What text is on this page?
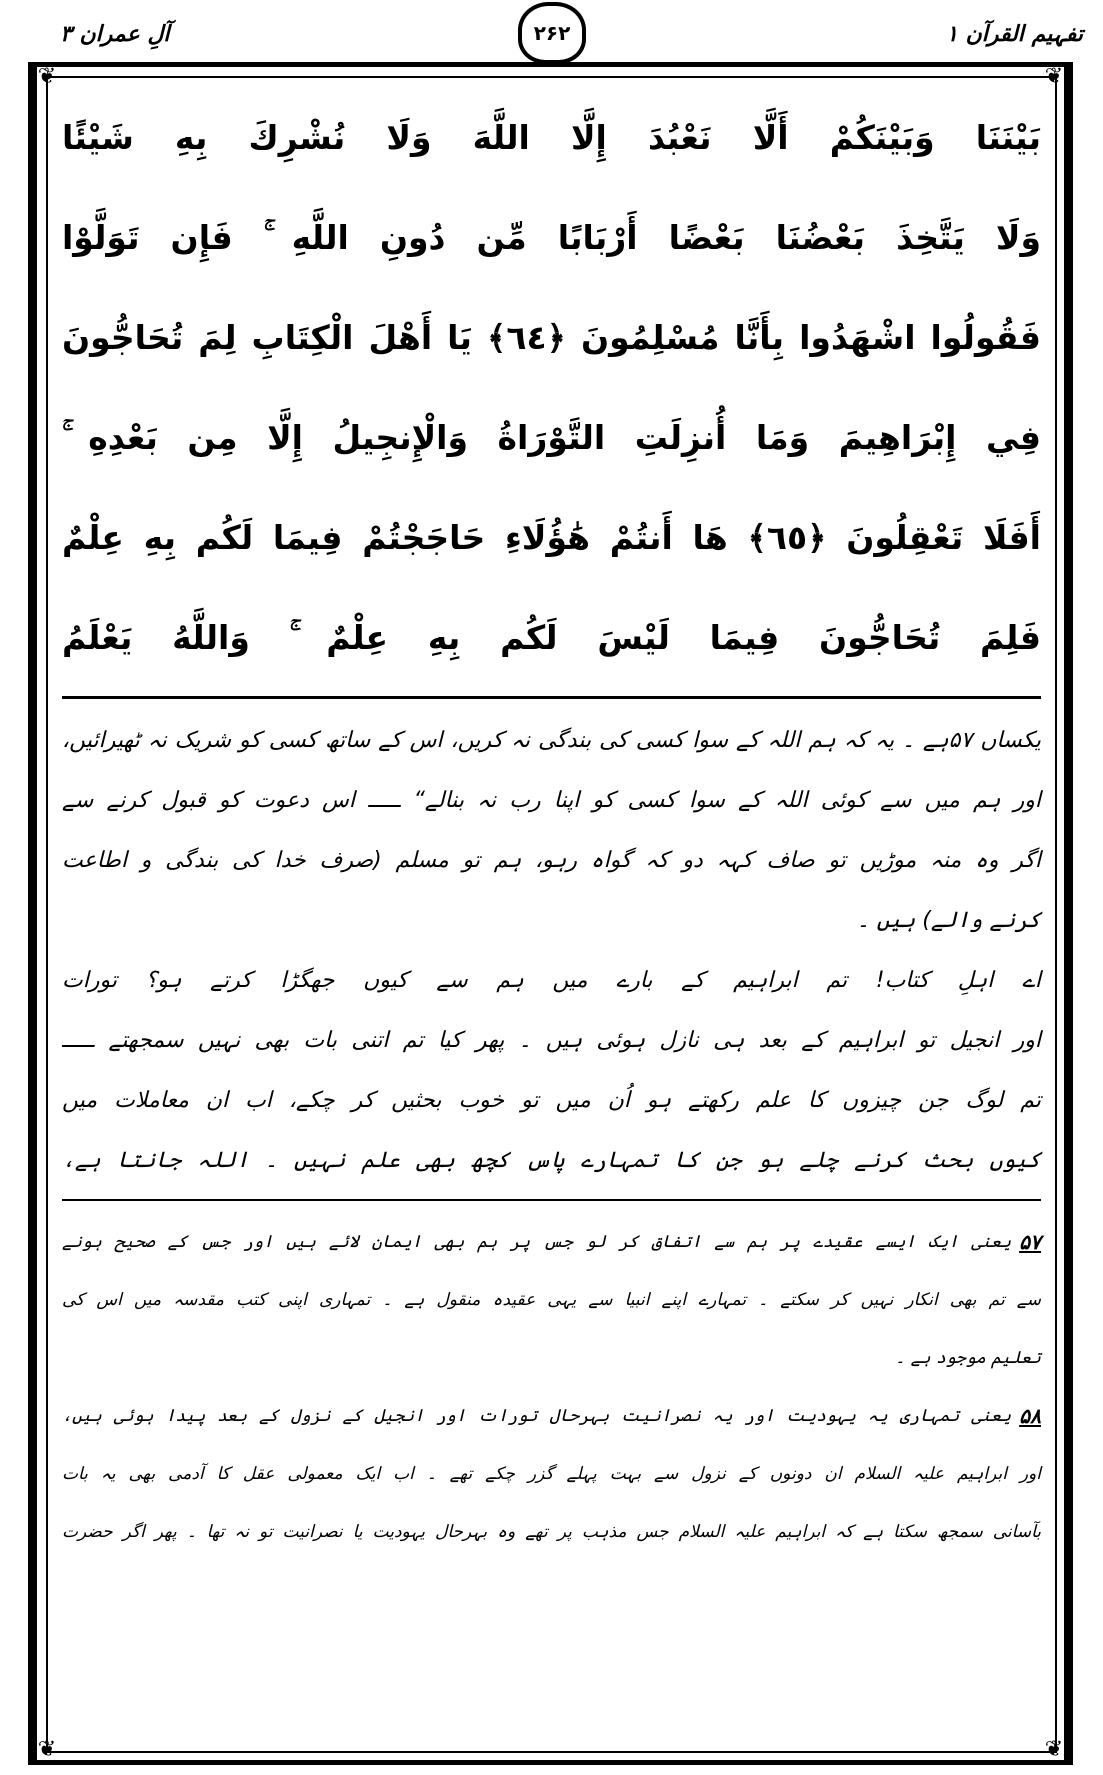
تفہیم القرآن ۱
۲۶۲
آلِ عمران ۳
❦	❦
❦	❦
بَيْنَنَا وَبَيْنَكُمْ أَلَّا نَعْبُدَ إِلَّا اللَّهَ وَلَا نُشْرِكَ بِهِ شَيْئًا
وَلَا يَتَّخِذَ بَعْضُنَا بَعْضًا أَرْبَابًا مِّن دُونِ اللَّهِ ۚ فَإِن تَوَلَّوْا
فَقُولُوا اشْهَدُوا بِأَنَّا مُسْلِمُونَ ﴿٦٤﴾ يَا أَهْلَ الْكِتَابِ لِمَ تُحَاجُّونَ
فِي إِبْرَاهِيمَ وَمَا أُنزِلَتِ التَّوْرَاةُ وَالْإِنجِيلُ إِلَّا مِن بَعْدِهِ ۚ
أَفَلَا تَعْقِلُونَ ﴿٦٥﴾ هَا أَنتُمْ هَٰؤُلَاءِ حَاجَجْتُمْ فِيمَا لَكُم بِهِ عِلْمٌ
فَلِمَ تُحَاجُّونَ فِيمَا لَيْسَ لَكُم بِهِ عِلْمٌ ۚ وَاللَّهُ يَعْلَمُ
یکساں ۵۷ہے ۔ یہ کہ ہم اللہ کے سوا کسی کی بندگی نہ کریں، اس کے ساتھ کسی کو شریک نہ ٹھیرائیں،
اور ہم میں سے کوئی اللہ کے سوا کسی کو اپنا رب نہ بنالے“ ـــــ اس دعوت کو قبول کرنے سے
اگر وہ منہ موڑیں تو صاف کہہ دو کہ گواہ رہو، ہم تو مسلم (صرف خدا کی بندگی و اطاعت
کرنے والے) ہیں ۔
اے اہلِ کتاب! تم ابراہیم کے بارے میں ہم سے کیوں جھگڑا کرتے ہو؟ تورات
اور انجیل تو ابراہیم کے بعد ہی نازل ہوئی ہیں ۔ پھر کیا تم اتنی بات بھی نہیں سمجھتے ـــــ
تم لوگ جن چیزوں کا علم رکھتے ہو اُن میں تو خوب بحثیں کر چکے، اب ان معاملات میں
کیوں بحث کرنے چلے ہو جن کا تمہارے پاس کچھ بھی علم نہیں ۔ اللہ جانتا ہے،
۵۷
یعنی ایک ایسے عقیدے پر ہم سے اتفاق کر لو جس پر ہم بھی ایمان لائے ہیں اور جس کے صحیح ہونے
سے تم بھی انکار نہیں کر سکتے ۔ تمہارے اپنے انبیا سے یہی عقیدہ منقول ہے ۔ تمہاری اپنی کتب مقدسہ میں اس کی
تعلیم موجود ہے ۔
۵۸
یعنی تمہاری یہ یہودیت اور یہ نصرانیت بہرحال تورات اور انجیل کے نزول کے بعد پیدا ہوئی ہیں،
اور ابراہیم علیہ السلام ان دونوں کے نزول سے بہت پہلے گزر چکے تھے ۔ اب ایک معمولی عقل کا آدمی بھی یہ بات
بآسانی سمجھ سکتا ہے کہ ابراہیم علیہ السلام جس مذہب پر تھے وہ بہرحال یہودیت یا نصرانیت تو نہ تھا ۔ پھر اگر حضرت
